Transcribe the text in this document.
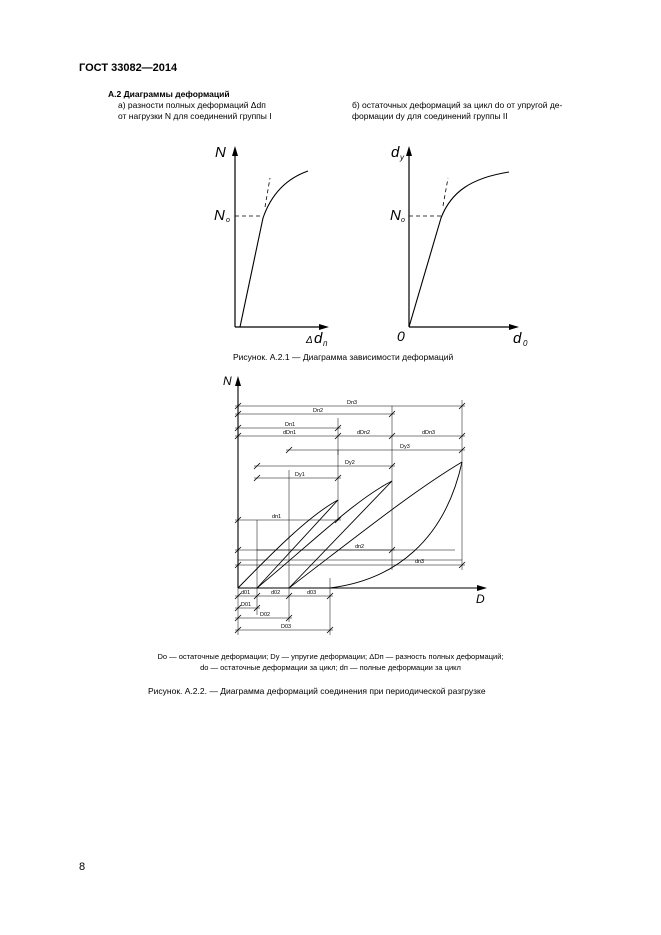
ГОСТ 33082—2014
А.2 Диаграммы деформаций
а) разности полных деформаций Δdп
от нагрузки N для соединений группы I
б) остаточных деформаций за цикл dо от упругой де-
формации dу для соединений группы II
N
N o
Δ d п
d y
N o
0	d 0
Рисунок. А.2.1 — Диаграмма зависимости деформаций
Dп3
Dп2
Dп1
dDп1	dDп2	dDп3
Dy3
Dy2
Dy1
dп1
dп2
dп3
d01	d02	d03
D01
D02
D03
N
D
Dо — остаточные деформации; Dу — упругие деформации; ΔDп — разность полных деформаций;
dо — остаточные деформации за цикл; dп — полные деформации за цикл
Рисунок. А.2.2. — Диаграмма деформаций соединения при периодической разгрузке
8
